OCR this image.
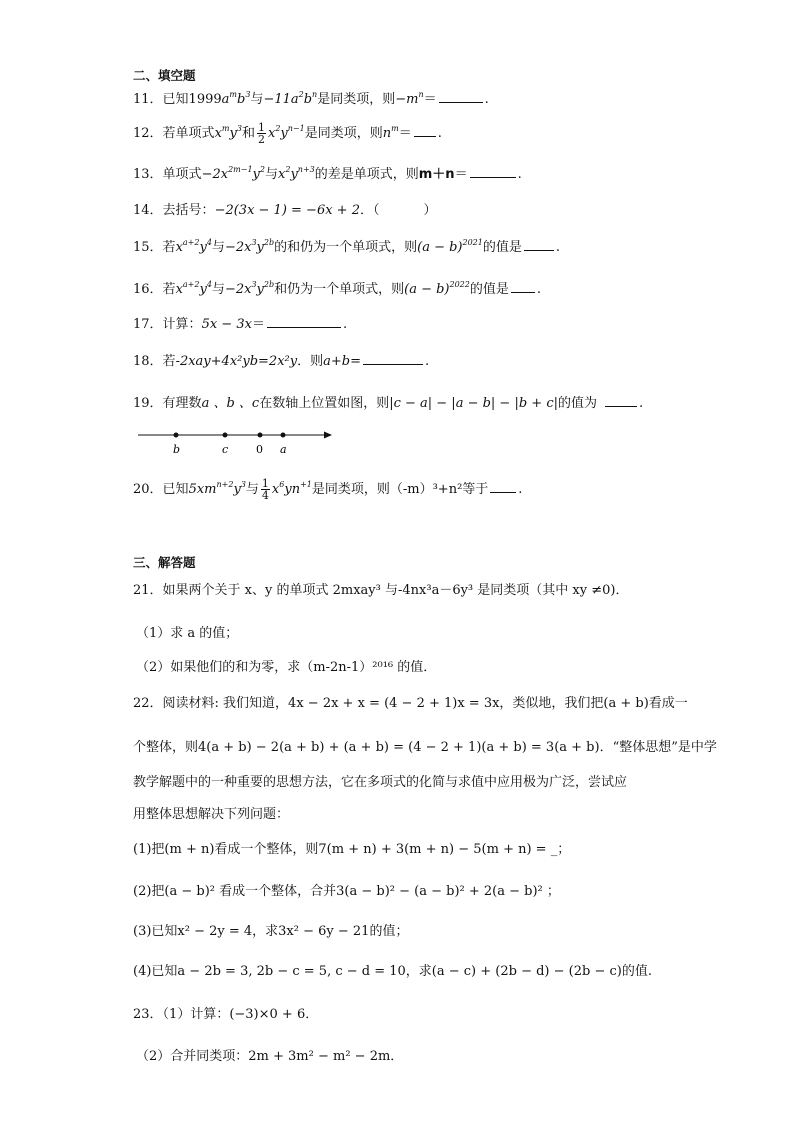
二、填空题
11．已知$1999a^mb^3$与$-11a^2b^n$是同类项，则$-m^n=$	.
12．若单项式$x^my^3$和 $\frac{1}{2} x^2y^{n-1}$是同类项，则$n^m=$ .
13．单项式$-2x^{2m-1}y^2$与$x^2y^{n+3}$的差是单项式，则m＋n＝	.
14．去括号：−2(3x − 1) = −6x + 2．（	）
15．若$x^{a+2}y^4$与$-2x^3y^{2b}$的和仍为一个单项式，则$(a - b)^{2021}$的值是	.
16．若$x^{a+2}y^4$与$-2x^3y^{2b}$和仍为一个单项式，则$(a - b)^{2022}$的值是 .
17．计算：5x − 3x＝	.
18．若-2xay+4x²yb=2x²y．则a+b=	.
19．有理数a 、b 、c在数轴上位置如图，则|c − a| − |a − b| − |b + c|的值为	.
b	c	0 a
20．已知$5xm^{n+2}y^3$与 $\frac{1}{4} x^6yn^{+1}$是同类项，则（-m）³+n²等于 .
三、解答题
21．如果两个关于 x、y 的单项式 2mxay³ 与-4nx³a－6y³ 是同类项（其中 xy ≠0)．
（1）求 a 的值；
（2）如果他们的和为零，求（m-2n-1）²⁰¹⁶ 的值．
22．阅读材料: 我们知道，4x − 2x + x = (4 − 2 + 1)x = 3x，类似地，我们把(a + b)看成一
个整体，则4(a + b) − 2(a + b) + (a + b) = (4 − 2 + 1)(a + b) = 3(a + b)．“整体思想”是中学
教学解题中的一种重要的思想方法，它在多项式的化简与求值中应用极为广泛，尝试应
用整体思想解决下列问题：
(1)把(m + n)看成一个整体，则7(m + n) + 3(m + n) − 5(m + n) = _；
(2)把(a − b)² 看成一个整体，合并3(a − b)² − (a − b)² + 2(a − b)² ；
(3)已知x² − 2y = 4，求3x² − 6y − 21的值；
(4)已知a − 2b = 3, 2b − c = 5, c − d = 10，求(a − c) + (2b − d) − (2b − c)的值.
23．（1）计算：(−3)×0 + 6．
（2）合并同类项：2m + 3m² − m² − 2m．
